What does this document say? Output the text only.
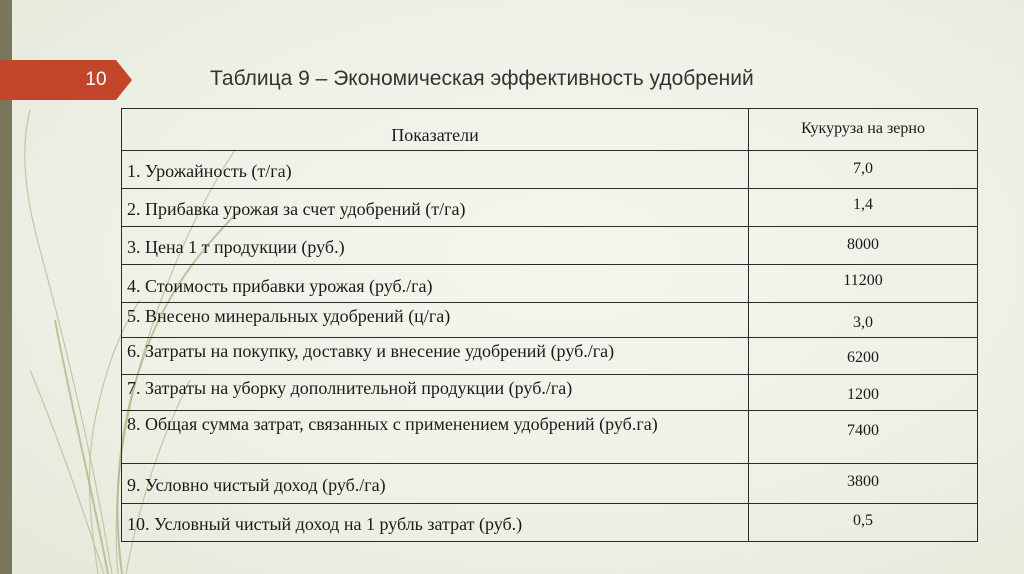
10	Таблица 9 – Экономическая эффективность удобрений
Показатели	Кукуруза на зерно
1. Урожайность (т/га)	7,0
2. Прибавка урожая за счет удобрений (т/га)	1,4
3. Цена 1 т продукции (руб.)	8000
4. Стоимость прибавки урожая (руб./га)	11200
5. Внесено минеральных удобрений (ц/га)	3,0
6. Затраты на покупку, доставку и внесение удобрений (руб./га)	6200
7. Затраты на уборку дополнительной продукции (руб./га)	1200
8. Общая сумма затрат, связанных с применением удобрений (руб.га)	7400
9. Условно чистый доход (руб./га)	3800
10. Условный чистый доход на 1 рубль затрат (руб.)	0,5
